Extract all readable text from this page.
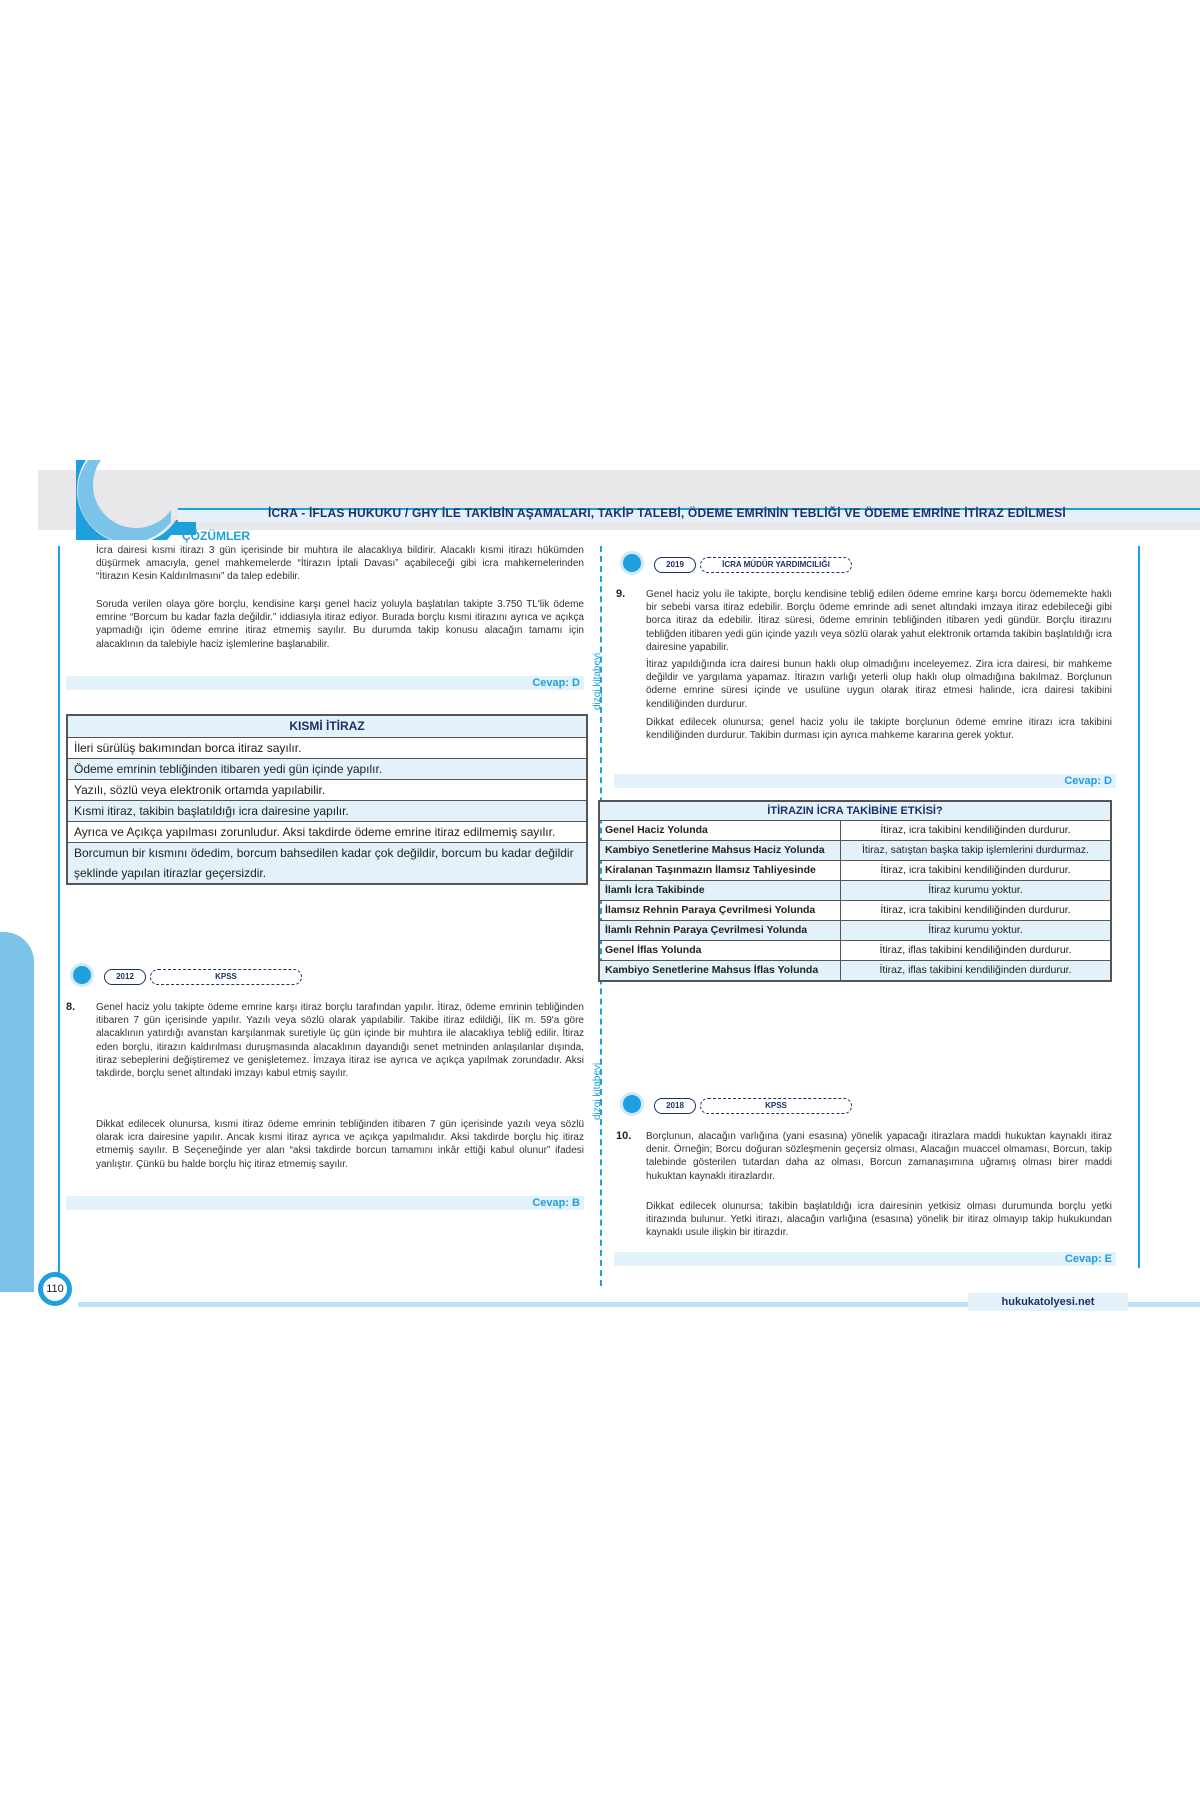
İCRA - İFLAS HUKUKU / GHY İLE TAKİBİN AŞAMALARI, TAKİP TALEBİ, ÖDEME EMRİNİN TEBLİĞİ VE ÖDEME EMRİNE İTİRAZ EDİLMESİ
ÇÖZÜMLER
İcra dairesi kısmi itirazı 3 gün içerisinde bir muhtıra ile alacaklıya bildirir. Alacaklı kısmi itirazı hükümden düşürmek amacıyla, genel mahkemelerde “İtirazın İptali Davası” açabileceği gibi icra mahkemelerinden “İtirazın Kesin Kaldırılmasını” da talep edebilir.
Soruda verilen olaya göre borçlu, kendisine karşı genel haciz yoluyla başlatılan takipte 3.750 TL'lik ödeme emrine “Borcum bu kadar fazla değildir.” iddiasıyla itiraz ediyor. Burada borçlu kısmi itirazını ayrıca ve açıkça yapmadığı için ödeme emrine itiraz etmemiş sayılır. Bu durumda takip konusu alacağın tamamı için alacaklının da talebiyle haciz işlemlerine başlanabilir.
Cevap: D
KISMİ İTİRAZ
İleri sürülüş bakımından borca itiraz sayılır.
Ödeme emrinin tebliğinden itibaren yedi gün içinde yapılır.
Yazılı, sözlü veya elektronik ortamda yapılabilir.
Kısmi itiraz, takibin başlatıldığı icra dairesine yapılır.
Ayrıca ve Açıkça yapılması zorunludur. Aksi takdirde ödeme emrine itiraz edilmemiş sayılır.
Borcumun bir kısmını ödedim, borcum bahsedilen kadar çok değildir, borcum bu kadar değildir şeklinde yapılan itirazlar geçersizdir.
2012	KPSS
8. Genel haciz yolu takipte ödeme emrine karşı itiraz borçlu tarafından yapılır. İtiraz, ödeme emrinin tebliğinden itibaren 7 gün içerisinde yapılır. Yazılı veya sözlü olarak yapılabilir. Takibe itiraz edildiği, İİK m. 59'a göre alacaklının yatırdığı avanstan karşılanmak suretiyle üç gün içinde bir muhtıra ile alacaklıya tebliğ edilir. İtiraz eden borçlu, itirazın kaldırılması duruşmasında alacaklının dayandığı senet metninden anlaşılanlar dışında, itiraz sebeplerini değiştiremez ve genişletemez. İmzaya itiraz ise ayrıca ve açıkça yapılmak zorundadır. Aksi takdirde, borçlu senet altındaki imzayı kabul etmiş sayılır.
Dikkat edilecek olunursa, kısmi itiraz ödeme emrinin tebliğinden itibaren 7 gün içerisinde yazılı veya sözlü olarak icra dairesine yapılır. Ancak kısmi itiraz ayrıca ve açıkça yapılmalıdır. Aksi takdirde borçlu hiç itiraz etmemiş sayılır. B Seçeneğinde yer alan “aksi takdirde borcun tamamını inkâr ettiği kabul olunur” ifadesi yanlıştır. Çünkü bu halde borçlu hiç itiraz etmemiş sayılır.
Cevap: B
2019	İCRA MÜDÜR YARDIMCILIĞI
9. Genel haciz yolu ile takipte, borçlu kendisine tebliğ edilen ödeme emrine karşı borcu ödememekte haklı bir sebebi varsa itiraz edebilir. Borçlu ödeme emrinde adi senet altındaki imzaya itiraz edebileceği gibi borca itiraz da edebilir. İtiraz süresi, ödeme emrinin tebliğinden itibaren yedi gündür. Borçlu itirazını tebliğden itibaren yedi gün içinde yazılı veya sözlü olarak yahut elektronik ortamda takibin başlatıldığı icra dairesine yapabilir.
İtiraz yapıldığında icra dairesi bunun haklı olup olmadığını inceleyemez. Zira icra dairesi, bir mahkeme değildir ve yargılama yapamaz. İtirazın varlığı yeterli olup haklı olup olmadığına bakılmaz. Borçlunun ödeme emrine süresi içinde ve usulüne uygun olarak itiraz etmesi halinde, icra dairesi takibini kendiliğinden durdurur.
Dikkat edilecek olunursa; genel haciz yolu ile takipte borçlunun ödeme emrine itirazı icra takibini kendiliğinden durdurur. Takibin durması için ayrıca mahkeme kararına gerek yoktur.
Cevap: D
İTİRAZIN İCRA TAKİBİNE ETKİSİ?	
Genel Haciz Yolunda	İtiraz, icra takibini kendiliğinden durdurur.
Kambiyo Senetlerine Mahsus Haciz Yolunda	İtiraz, satıştan başka takip işlemlerini durdurmaz.
Kiralanan Taşınmazın İlamsız Tahliyesinde	İtiraz, icra takibini kendiliğinden durdurur.
İlamlı İcra Takibinde	İtiraz kurumu yoktur.
İlamsız Rehnin Paraya Çevrilmesi Yolunda	İtiraz, icra takibini kendiliğinden durdurur.
İlamlı Rehnin Paraya Çevrilmesi Yolunda	İtiraz kurumu yoktur.
Genel İflas Yolunda	İtiraz, iflas takibini kendiliğinden durdurur.
Kambiyo Senetlerine Mahsus İflas Yolunda	İtiraz, iflas takibini kendiliğinden durdurur.
2018	KPSS
10. Borçlunun, alacağın varlığına (yani esasına) yönelik yapacağı itirazlara maddi hukuktan kaynaklı itiraz denir. Örneğin; Borcu doğuran sözleşmenin geçersiz olması, Alacağın muaccel olmaması, Borcun, takip talebinde gösterilen tutardan daha az olması, Borcun zamanaşımına uğramış olması birer maddi hukuktan kaynaklı itirazlardır.
Dikkat edilecek olunursa; takibin başlatıldığı icra dairesinin yetkisiz olması durumunda borçlu yetki itirazında bulunur. Yetki itirazı, alacağın varlığına (esasına) yönelik bir itiraz olmayıp takip hukukundan kaynaklı usule ilişkin bir itirazdır.
Cevap: E
dizgi kitabevi
dizgi kitabevi
110
hukukatolyesi.net
